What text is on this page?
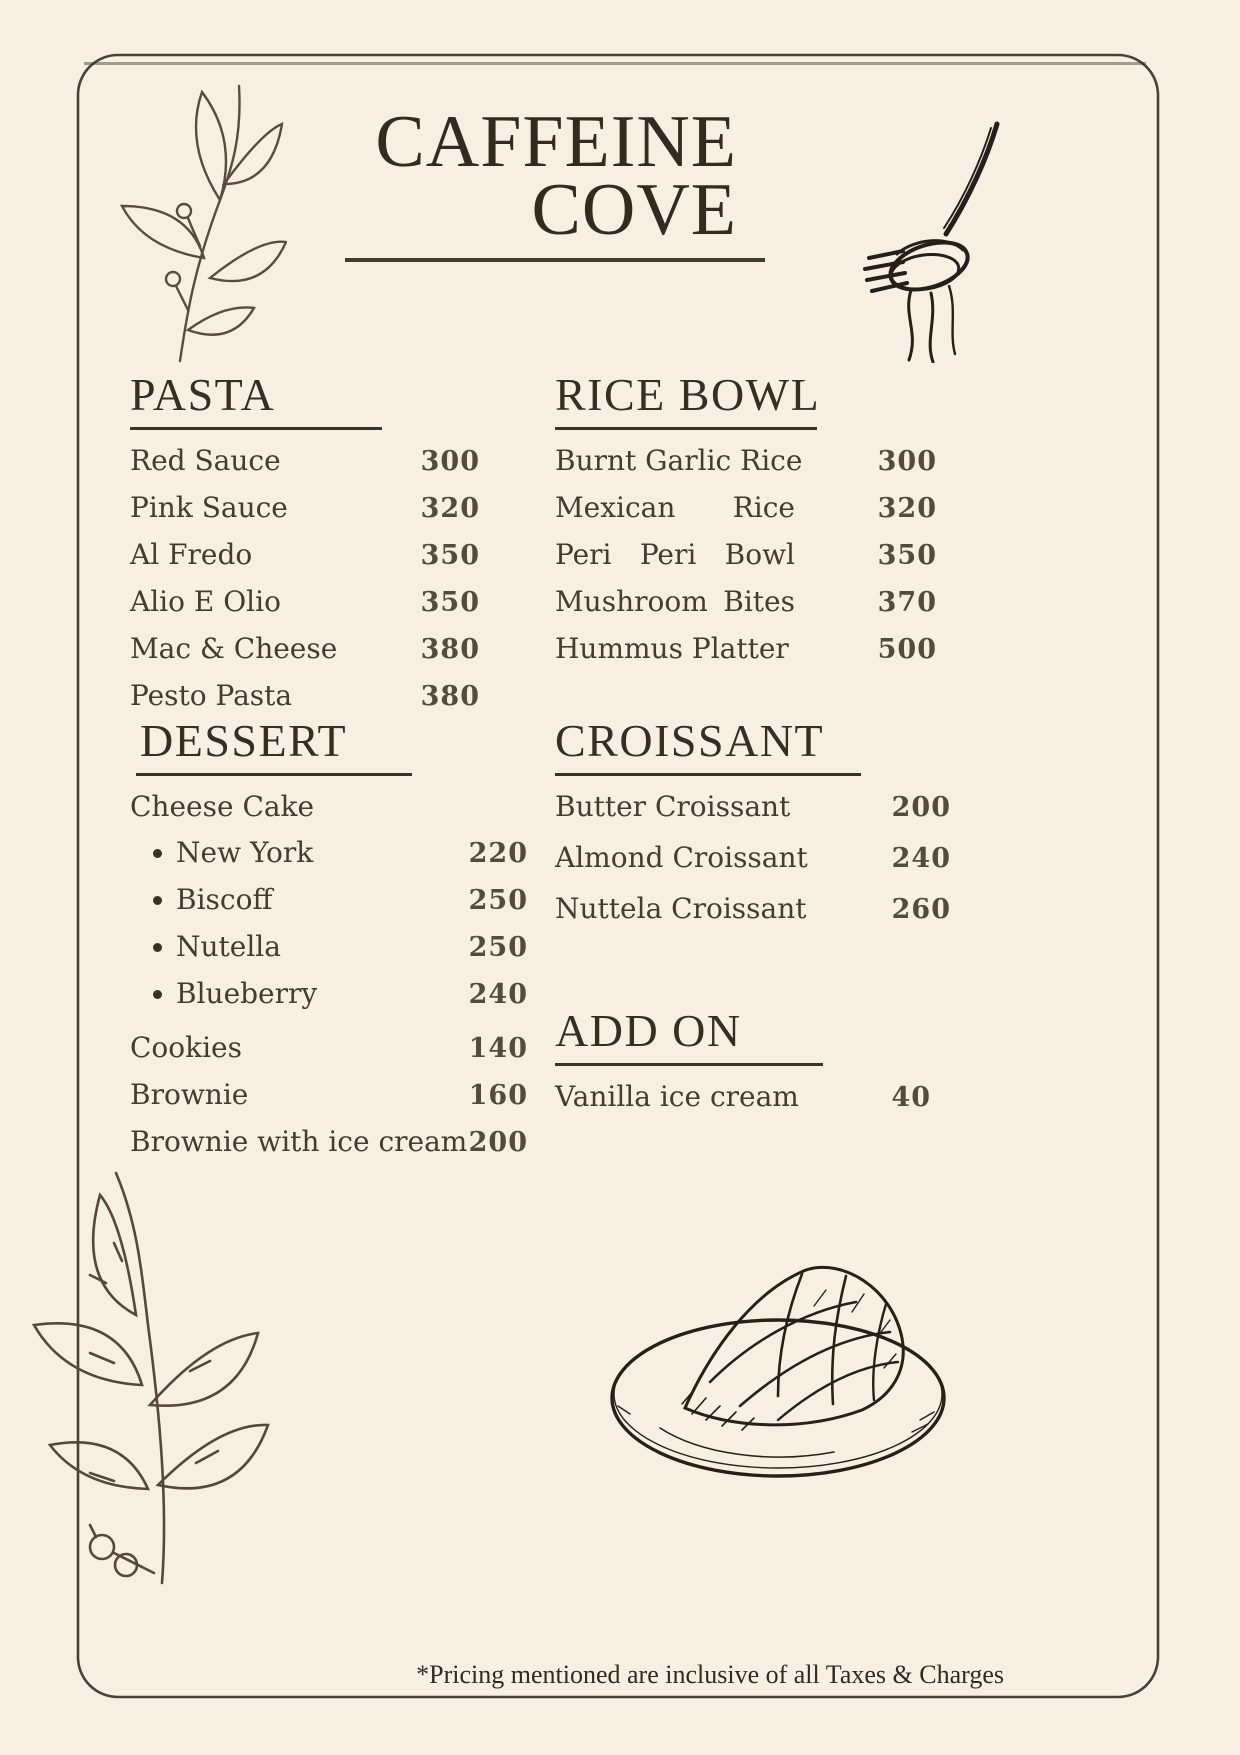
CAFFEINE
COVE
PASTA
Red Sauce	300
Pink Sauce	320
Al Fredo	350
Alio E Olio	350
Mac & Cheese	380
Pesto Pasta	380
RICE BOWL
Burnt Garlic Rice	300
Mexican Rice	320
Peri Peri Bowl	350
Mushroom Bites	370
Hummus Platter	500
DESSERT
Cheese Cake
New York	220
Biscoff	250
Nutella	250
Blueberry	240
Cookies	140
Brownie	160
Brownie with ice cream 200
CROISSANT
Butter Croissant	200
Almond Croissant	240
Nuttela Croissant	260
ADD ON
Vanilla ice cream	40
*Pricing mentioned are inclusive of all Taxes & Charges
